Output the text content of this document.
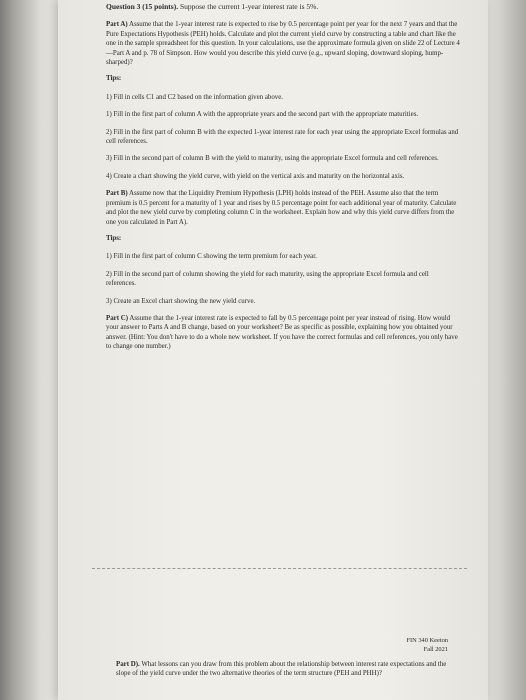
Question 3 (15 points). Suppose the current 1-year interest rate is 5%.

Part A) Assume that the 1-year interest rate is expected to rise by 0.5 percentage point per year for the next 7 years and that the Pure Expectations Hypothesis (PEH) holds. Calculate and plot the current yield curve by constructing a table and chart like the one in the sample spreadsheet for this question. In your calculations, use the approximate formula given on slide 22 of Lecture 4—Part A and p. 78 of Simpson. How would you describe this yield curve (e.g., upward sloping, downward sloping, hump-sharped)?

Tips:

1) Fill in cells C1 and C2 based on the information given above.

1) Fill in the first part of column A with the appropriate years and the second part with the appropriate maturities.

2) Fill in the first part of column B with the expected 1-year interest rate for each year using the appropriate Excel formulas and cell references.

3) Fill in the second part of column B with the yield to maturity, using the appropriate Excel formula and cell references.

4) Create a chart showing the yield curve, with yield on the vertical axis and maturity on the horizontal axis.

Part B) Assume now that the Liquidity Premium Hypothesis (LPH) holds instead of the PEH. Assume also that the term premium is 0.5 percent for a maturity of 1 year and rises by 0.5 percentage point for each additional year of maturity. Calculate and plot the new yield curve by completing column C in the worksheet. Explain how and why this yield curve differs from the one you calculated in Part A).

Tips:

1) Fill in the first part of column C showing the term premium for each year.

2) Fill in the second part of column showing the yield for each maturity, using the appropriate Excel formula and cell references.

3) Create an Excel chart showing the new yield curve.

Part C) Assume that the 1-year interest rate is expected to fall by 0.5 percentage point per year instead of rising. How would your answer to Parts A and B change, based on your worksheet? Be as specific as possible, explaining how you obtained your answer. (Hint: You don't have to do a whole new worksheet. If you have the correct formulas and cell references, you only have to change one number.)

FIN 340 Keeton
Fall 2021

Part D). What lessons can you draw from this problem about the relationship between interest rate expectations and the slope of the yield curve under the two alternative theories of the term structure (PEH and PHH)?
